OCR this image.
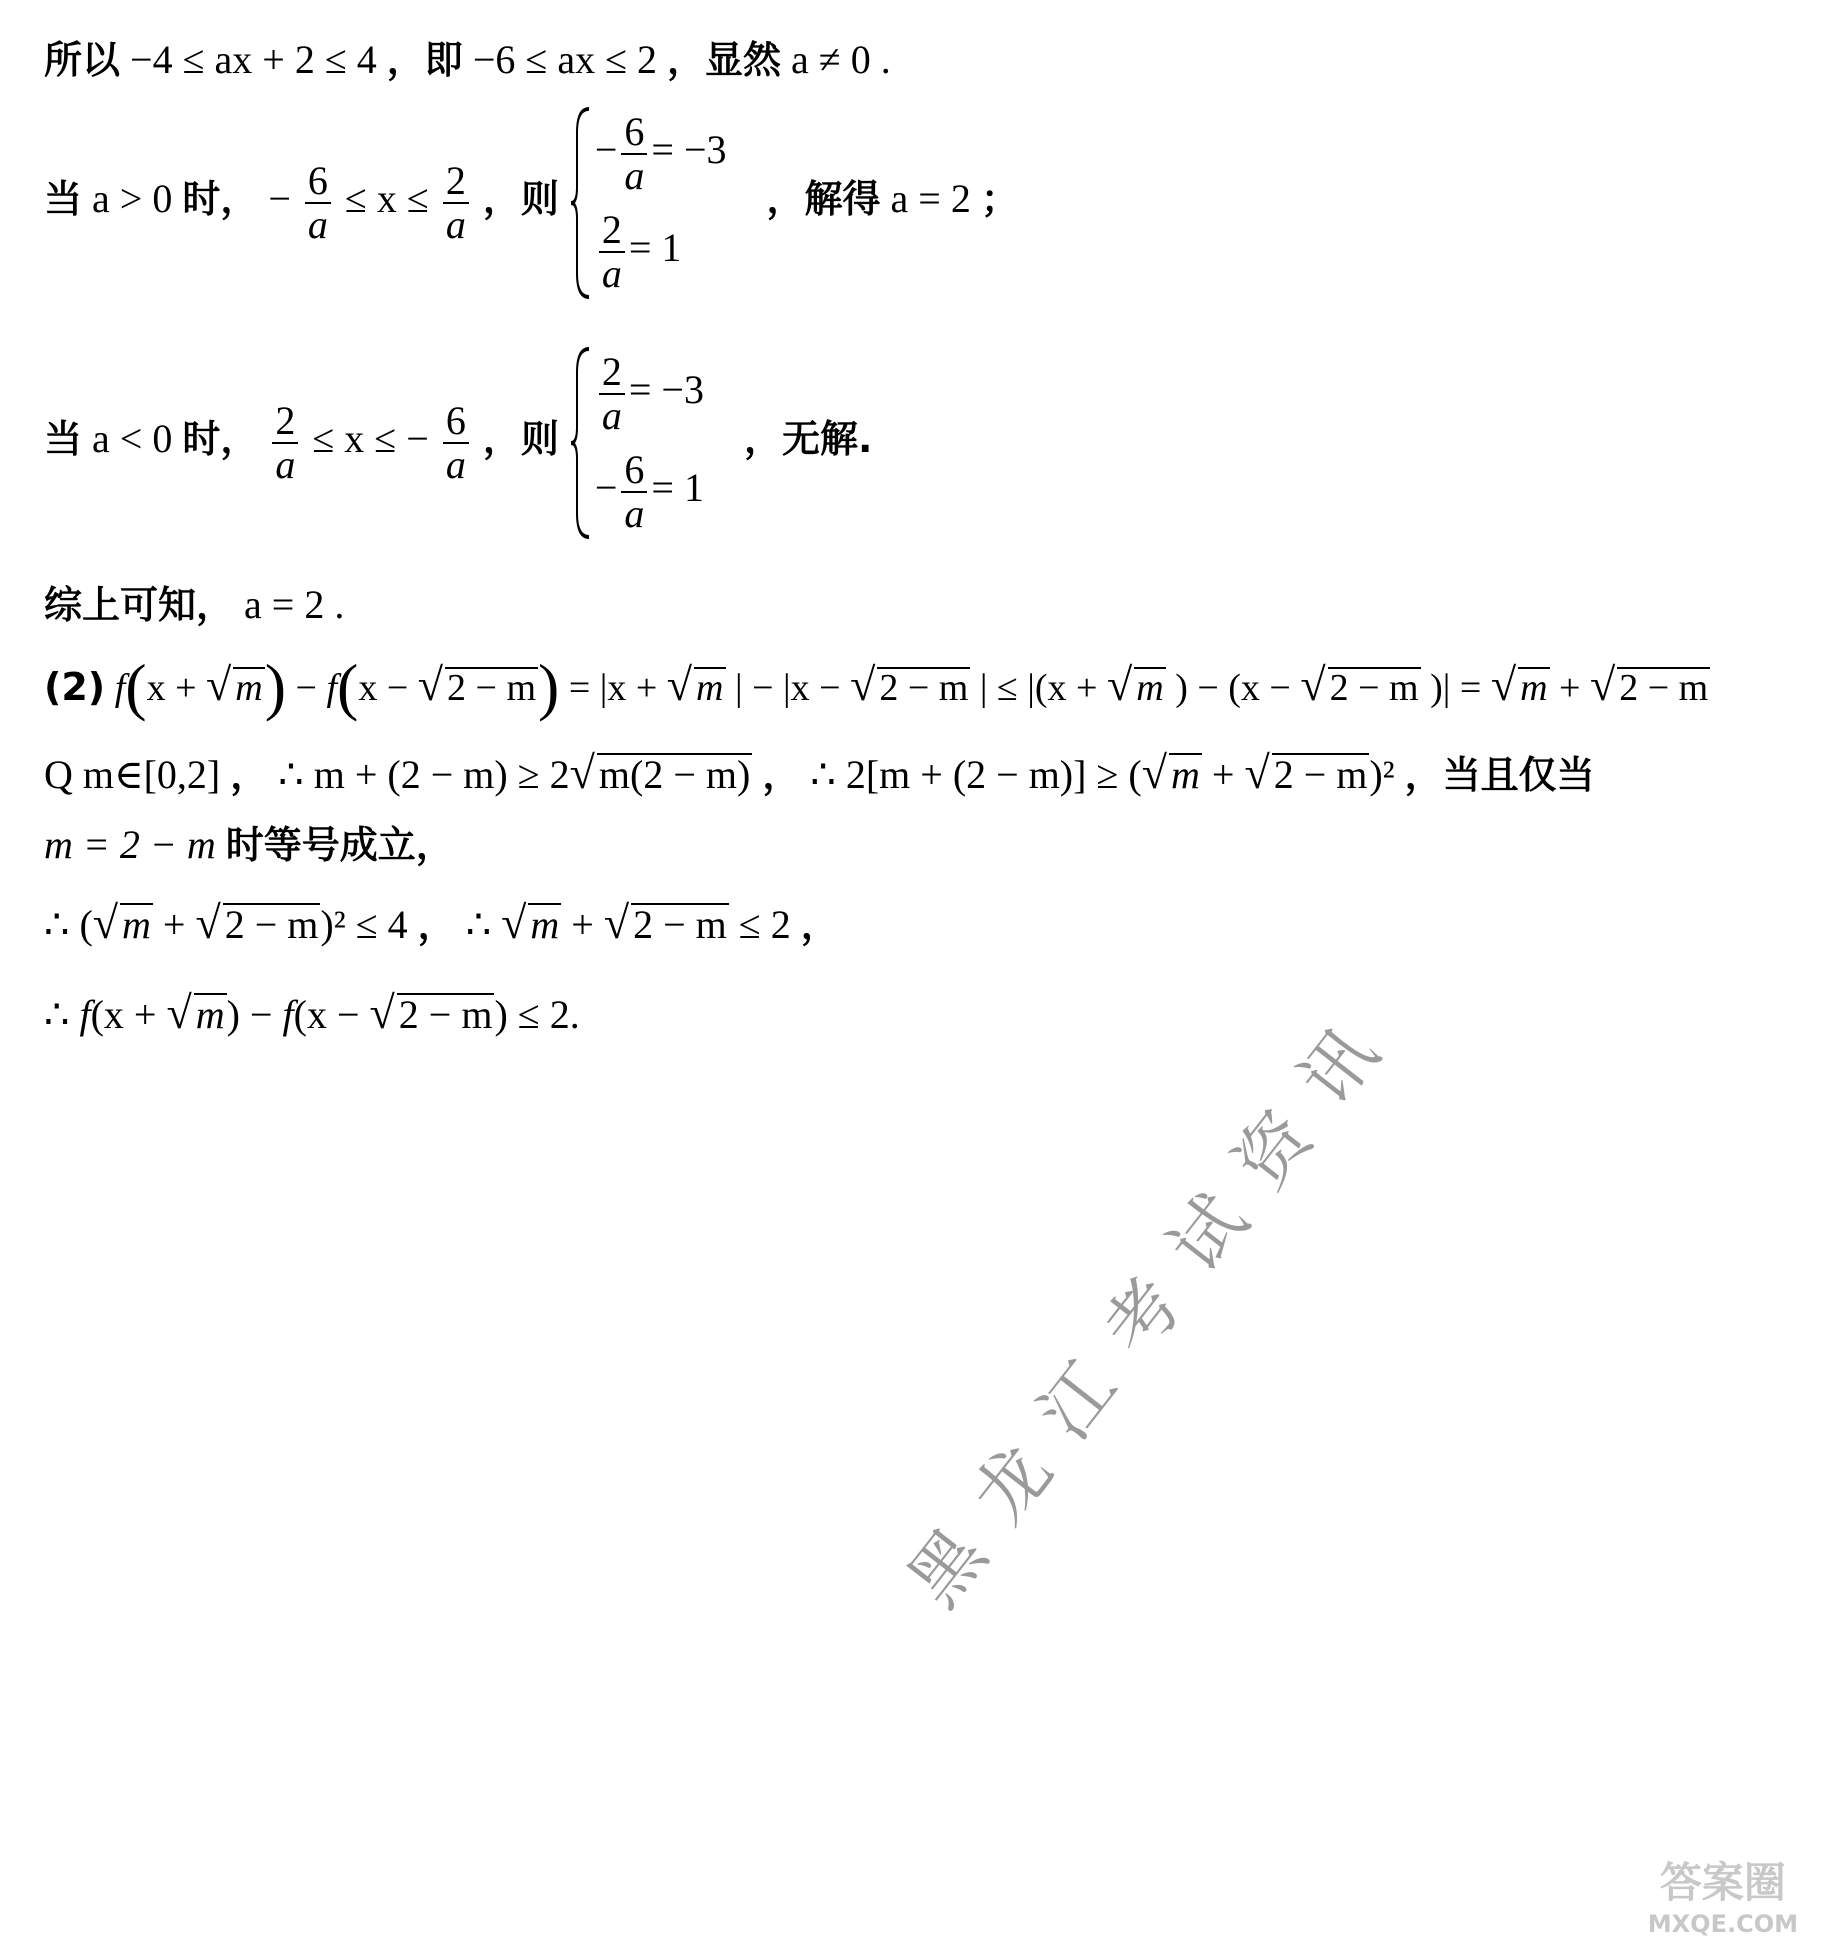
所以 −4 ≤ ax + 2 ≤ 4 ，即 −6 ≤ ax ≤ 2 ，显然 a ≠ 0 .
当 a > 0 时， − $\frac{6}{a} \le x \le \frac{2}{a}$ ，则
− $\frac{6}{a} = -3$
$\frac{2}{a} = 1$
，解得 a = 2 ；
当 a < 0 时， $\frac{2}{a} \le x$ ≤ − $\frac{6}{a}$ ，则
$\frac{2}{a} = -3$
− $\frac{6}{a} = 1$
，无解.
综上可知， a = 2 .
(2) f(x + √ m) − f(x − √ 2 − m) = |x + √ m | − |x − √ 2 − m | ≤ |(x + √ m ) − (x − √ 2 − m )| = √ m + √ 2 − m
Q m∈[0,2] ， ∴ m + (2 − m) ≥ 2√ m(2 − m) ， ∴ 2[m + (2 − m)] ≥ (√ m + √ 2 − m)² ，当且仅当
m = 2 − m 时等号成立，
∴ (√ m + √ 2 − m)² ≤ 4 ， ∴ √ m + √ 2 − m ≤ 2 ，
∴ f(x + √ m) − f(x − √ 2 − m) ≤ 2.	黑龙江考试资讯
答案圈
MXQE.COM
